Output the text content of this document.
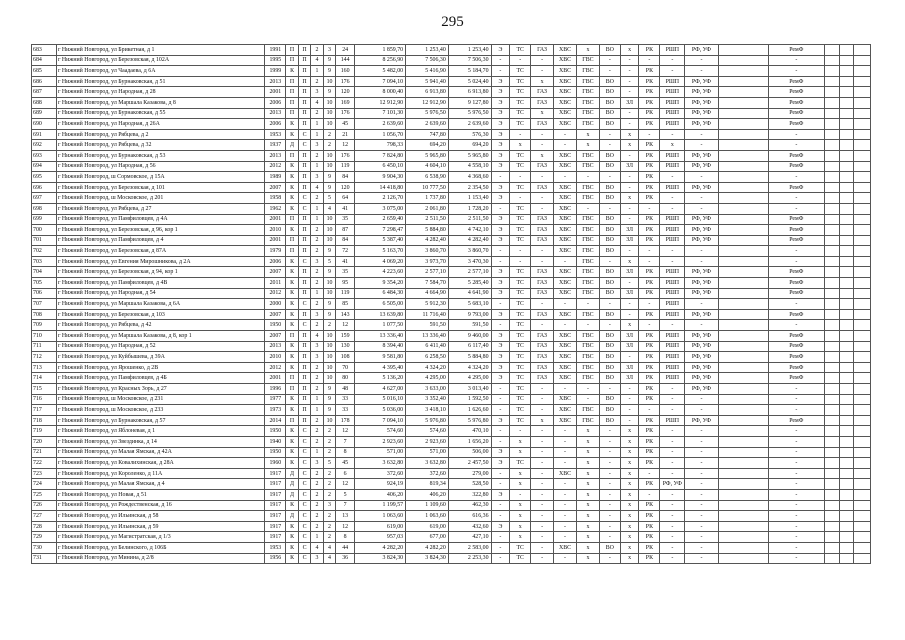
295
683	г Нижний Новгород, ул Брикетная, д 1	1991	П	П	2	3	24	1 859,70	1 253,40	1 253,40	Э	ТС	ГАЗ	ХВС	х	ВО	х	РК	РШП	РФ, УФ		РемФ			
684	г Нижний Новгород, ул Березовская, д 102А	1995	П	П	4	9	144	8 256,90	7 506,30	7 506,30	-	-	-	ХВС	ГВС	-	-	-	-	-		-			
685	г Нижний Новгород, ул Чаадаева, д 6А	1999	К	П	1	9	160	5 482,00	5 416,90	5 184,70	-	ТС	-	ХВС	ГВС	-	-	РК	-	-		-			
686	г Нижний Новгород, ул Бурнаковская, д 51	2013	П	П	2	10	176	7 094,10	5 941,40	5 024,40	Э	ТС	х	ХВС	ГВС	ВО	-	РК	РШП	РФ, УФ		РемФ			
687	г Нижний Новгород, ул Народная, д 28	2001	П	П	3	9	120	8 000,40	6 913,80	6 913,80	Э	ТС	ГАЗ	ХВС	ГВС	ВО	-	РК	РШП	РФ, УФ		РемФ			
688	г Нижний Новгород, ул Маршала Казакова, д 8	2006	П	П	4	10	169	12 912,90	12 912,90	9 127,80	Э	ТС	ГАЗ	ХВС	ГВС	ВО	ЗЛ	РК	РШП	РФ, УФ		РемФ			
689	г Нижний Новгород, ул Бурнаковская, д 55	2013	П	П	2	10	176	7 101,30	5 976,50	5 976,50	Э	ТС	х	ХВС	ГВС	ВО	-	РК	РШП	РФ, УФ		РемФ			
690	г Нижний Новгород, ул Народная, д 26А	2006	К	П	1	10	45	2 639,60	2 639,60	2 639,60	Э	ТС	ГАЗ	ХВС	ГВС	ВО	-	РК	РШП	РФ, УФ		РемФ			
691	г Нижний Новгород, ул Рябцева, д 2	1953	К	С	1	2	21	1 056,70	747,80	576,30	Э	-	-	-	х	-	х	-	-	-		-			
692	г Нижний Новгород, ул Рябцева, д 32	1937	Д	С	3	2	12	798,33	694,20	694,20	Э	х	-	-	х	-	х	РК	х	-		-			
693	г Нижний Новгород, ул Бурнаковская, д 53	2013	П	П	2	10	176	7 824,80	5 965,80	5 965,80	Э	ТС	х	ХВС	ГВС	ВО	-	РК	РШП	РФ, УФ		РемФ			
694	г Нижний Новгород, ул Народная, д 56	2012	К	П	1	10	119	6 450,10	4 604,10	4 558,10	Э	ТС	ГАЗ	ХВС	ГВС	ВО	ЗЛ	РК	РШП	РФ, УФ		РемФ			
695	г Нижний Новгород, ш Сормовское, д 15А	1989	К	П	3	9	84	9 904,30	6 538,90	4 368,60	-	-	-	-	-	-	-	РК	-	-		-			
696	г Нижний Новгород, ул Березовская, д 101	2007	К	П	4	9	120	14 418,80	10 777,50	2 354,50	Э	ТС	ГАЗ	ХВС	ГВС	ВО	-	РК	РШП	РФ, УФ		РемФ			
697	г Нижний Новгород, ш Московское, д 201	1958	К	С	2	5	64	2 126,70	1 737,80	1 153,40	Э	-	-	ХВС	ГВС	ВО	х	РК	-	-		-			
698	г Нижний Новгород, ул Рябцева, д 27	1962	К	С	1	4	41	3 075,00	2 061,80	1 728,20	-	ТС	-	ХВС	-	-	-	-	-	-		-			
699	г Нижний Новгород, ул Памфиловцев, д 4А	2001	П	П	1	10	35	2 659,40	2 511,50	2 511,50	Э	ТС	ГАЗ	ХВС	ГВС	ВО	-	РК	РШП	РФ, УФ		РемФ			
700	г Нижний Новгород, ул Березовская, д 96, кор 1	2010	К	П	2	10	87	7 298,47	5 884,80	4 742,10	Э	ТС	ГАЗ	ХВС	ГВС	ВО	ЗЛ	РК	РШП	РФ, УФ		РемФ			
701	г Нижний Новгород, ул Памфиловцев, д 4	2001	П	П	2	10	84	5 387,40	4 282,40	4 282,40	Э	ТС	ГАЗ	ХВС	ГВС	ВО	ЗЛ	РК	РШП	РФ, УФ		РемФ			
702	г Нижний Новгород, ул Березовская, д 87А	1979	П	П	2	9	72	5 163,70	3 860,70	3 860,70	-	-	-	ХВС	ГВС	ВО	-	-	-	-		-			
703	г Нижний Новгород, ул Евгения Мирошникова, д 2А	2006	К	С	3	5	41	4 069,20	3 973,70	3 470,30	-	-	-	-	ГВС	-	х	-	-	-		-			
704	г Нижний Новгород, ул Березовская, д 94, кор 1	2007	К	П	2	9	35	4 223,60	2 577,10	2 577,10	Э	ТС	ГАЗ	ХВС	ГВС	ВО	ЗЛ	РК	РШП	РФ, УФ		РемФ			
705	г Нижний Новгород, ул Памфиловцев, д 4В	2011	К	П	2	10	95	9 354,20	7 584,70	5 285,40	Э	ТС	ГАЗ	ХВС	ГВС	ВО	-	РК	РШП	РФ, УФ		РемФ			
706	г Нижний Новгород, ул Народная, д 54	2012	К	П	1	10	119	6 484,30	4 664,90	4 641,90	Э	ТС	ГАЗ	ХВС	ГВС	ВО	ЗЛ	РК	РШП	РФ, УФ		РемФ			
707	г Нижний Новгород, ул Маршала Казакова, д 6А	2000	К	С	2	9	85	6 505,00	5 912,30	5 683,10	-	ТС	-	-	-	-	-	-	РШП	-		-			
708	г Нижний Новгород, ул Березовская, д 103	2007	К	П	3	9	143	13 639,80	11 716,40	9 793,00	Э	ТС	ГАЗ	ХВС	ГВС	ВО	-	РК	РШП	РФ, УФ		РемФ			
709	г Нижний Новгород, ул Рябцева, д 42	1950	К	С	2	2	12	1 077,50	591,50	591,50	-	ТС	-	-	-	-	х	-	-	-		-			
710	г Нижний Новгород, ул Маршала Казакова, д 8, кор 1	2007	П	П	4	10	159	13 336,40	13 336,40	9 460,00	Э	ТС	ГАЗ	ХВС	ГВС	ВО	ЗЛ	РК	РШП	РФ, УФ		РемФ			
711	г Нижний Новгород, ул Народная, д 52	2013	К	П	3	10	130	8 394,40	6 411,40	6 117,40	Э	ТС	ГАЗ	ХВС	ГВС	ВО	ЗЛ	РК	РШП	РФ, УФ		РемФ			
712	г Нижний Новгород, ул Куйбышева, д 39А	2010	К	П	3	10	108	9 581,80	6 258,50	5 884,80	Э	ТС	ГАЗ	ХВС	ГВС	ВО	-	РК	РШП	РФ, УФ		РемФ			
713	г Нижний Новгород, ул Ярошенко, д 2В	2012	К	П	2	10	70	4 395,40	4 324,20	4 324,20	Э	ТС	ГАЗ	ХВС	ГВС	ВО	ЗЛ	РК	РШП	РФ, УФ		РемФ			
714	г Нижний Новгород, ул Памфиловцев, д 4Б	2001	П	П	2	10	80	5 136,20	4 295,00	4 295,00	Э	ТС	ГАЗ	ХВС	ГВС	ВО	ЗЛ	РК	РШП	РФ, УФ		РемФ			
715	г Нижний Новгород, ул Красных Зорь, д 27	1996	П	П	2	9	48	4 627,00	3 633,00	3 013,40	-	ТС	-	-	-	-	-	РК	-	РФ, УФ		-			
716	г Нижний Новгород, ш Московское, д 231	1977	К	П	1	9	33	5 016,10	3 352,40	1 592,50	-	ТС	-	ХВС	-	ВО	-	РК	-	-		-			
717	г Нижний Новгород, ш Московское, д 233	1973	К	П	1	9	33	5 036,00	3 418,10	1 626,60	-	ТС	-	ХВС	ГВС	ВО	-	-	-	-		-			
718	г Нижний Новгород, ул Бурнаковская, д 57	2014	П	П	2	10	178	7 094,10	5 976,80	5 976,80	Э	ТС	х	ХВС	ГВС	ВО	-	РК	РШП	РФ, УФ		РемФ			
719	г Нижний Новгород, ул Яблоневая, д 1	1950	К	С	2	2	12	574,60	574,60	470,10	-	-	-	-	х	-	х	РК	-	-		-			
720	г Нижний Новгород, ул Звездинка, д 14	1940	К	С	2	2	7	2 923,60	2 923,60	1 656,20	-	х	-	-	х	-	х	РК	-	-		-			
721	г Нижний Новгород, ул Малая Ямская, д 42А	1950	К	С	1	2	8	571,00	571,00	506,00	Э	х	-	-	х	-	х	РК	-	-		-			
722	г Нижний Новгород, ул Ковалихинская, д 28А	1960	К	С	3	5	45	3 632,80	3 632,80	2 457,50	Э	ТС	-	-	х	-	х	РК	-	-		-			
723	г Нижний Новгород, ул Короленко, д 11А	1917	Д	С	2	2	6	372,60	372,60	279,00	-	х	-	ХВС	х	-	х	-	-	-		-			
724	г Нижний Новгород, ул Малая Ямская, д 4	1917	Д	С	2	2	12	924,19	819,34	528,50	-	х	-	-	х	-	х	РК	РФ, УФ	-		-			
725	г Нижний Новгород, ул Новая, д 51	1917	Д	С	2	2	5	406,20	406,20	322,80	Э	-	-	-	х	-	х	-	-	-		-			
726	г Нижний Новгород, ул Рождественская, д 16	1917	К	С	2	3	7	1 199,57	1 109,60	462,30	-	х	-	-	х	-	х	РК	-	-		-			
727	г Нижний Новгород, ул Ильинская, д 58	1917	Д	С	2	2	13	1 063,60	1 063,60	616,36	-	х	-	-	х	-	х	РК	-	-		-			
728	г Нижний Новгород, ул Ильинская, д 59	1917	К	С	2	2	12	619,00	619,00	432,60	Э	х	-	-	х	-	х	РК	-	-		-			
729	г Нижний Новгород, ул Магистратская, д 1/3	1917	К	С	1	2	8	957,03	677,00	427,10	-	х	-	-	х	-	х	РК	-	-		-			
730	г Нижний Новгород, ул Белинского, д 106Б	1953	К	С	4	4	44	4 282,20	4 282,20	2 583,00	-	ТС	-	ХВС	х	ВО	х	РК	-	-		-			
731	г Нижний Новгород, ул Минина, д 2/8	1956	К	С	3	4	36	3 824,30	3 824,30	2 253,30	-	ТС	-	-	х	-	х	РК	-	-		-			
